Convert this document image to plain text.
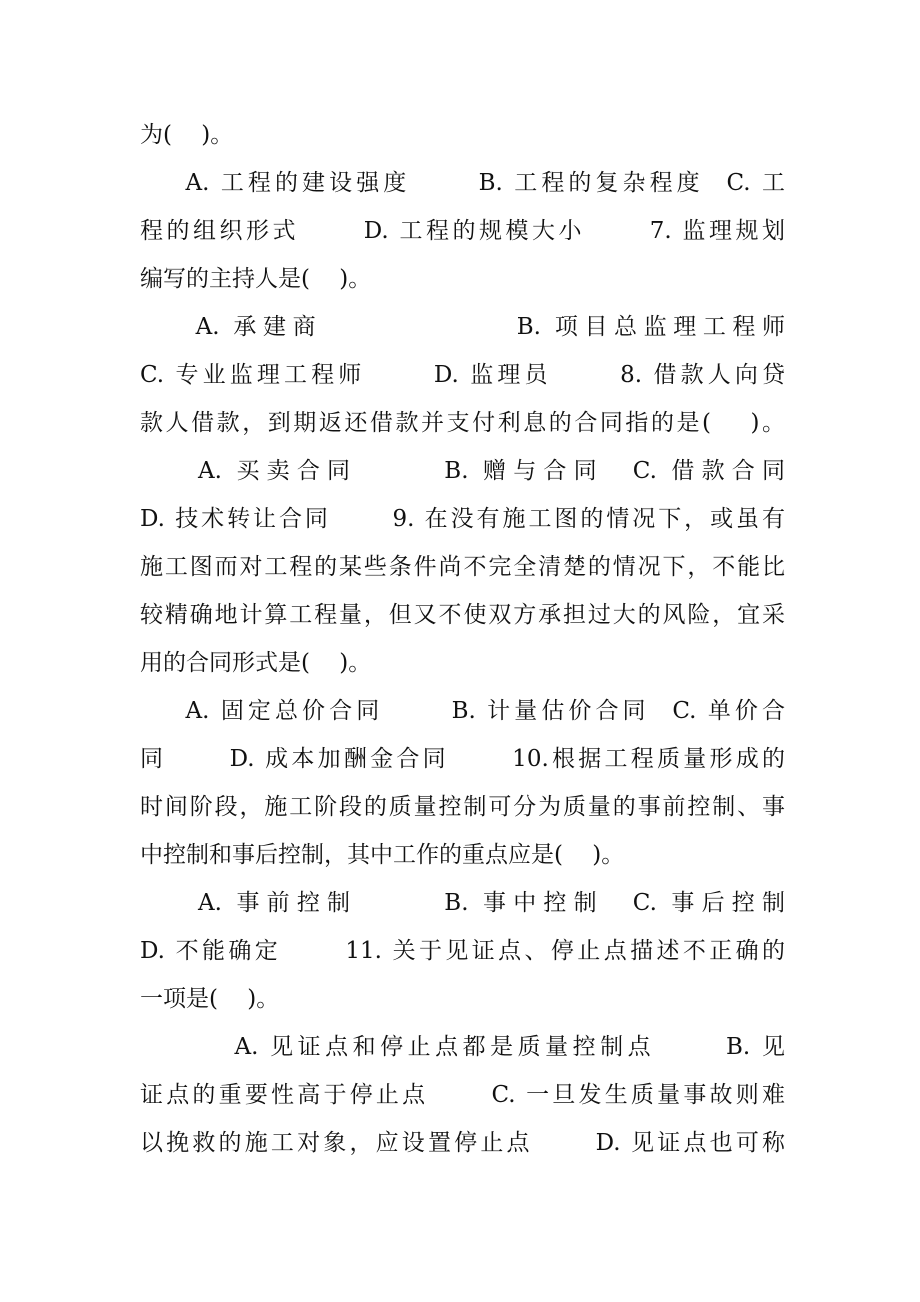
为(    )。
A. 工程的建设强度      B. 工程的复杂程度  C. 工
程的组织形式      D. 工程的规模大小      7. 监理规划
编写的主持人是(    )。
A. 承建商              B. 项目总监理工程师
C. 专业监理工程师      D. 监理员      8. 借款人向贷
款人借款，到期返还借款并支付利息的合同指的是(    )。
A. 买卖合同      B. 赠与合同  C. 借款合同
D. 技术转让合同      9. 在没有施工图的情况下，或虽有
施工图而对工程的某些条件尚不完全清楚的情况下，不能比
较精确地计算工程量，但又不使双方承担过大的风险，宜采
用的合同形式是(    )。
A. 固定总价合同      B. 计量估价合同  C. 单价合
同      D. 成本加酬金合同      10.根据工程质量形成的
时间阶段，施工阶段的质量控制可分为质量的事前控制、事
中控制和事后控制，其中工作的重点应是(    )。
A. 事前控制      B. 事中控制  C. 事后控制
D. 不能确定      11. 关于见证点、停止点描述不正确的
一项是(    )。
A. 见证点和停止点都是质量控制点      B. 见
证点的重要性高于停止点      C. 一旦发生质量事故则难
以挽救的施工对象，应设置停止点      D. 见证点也可称
